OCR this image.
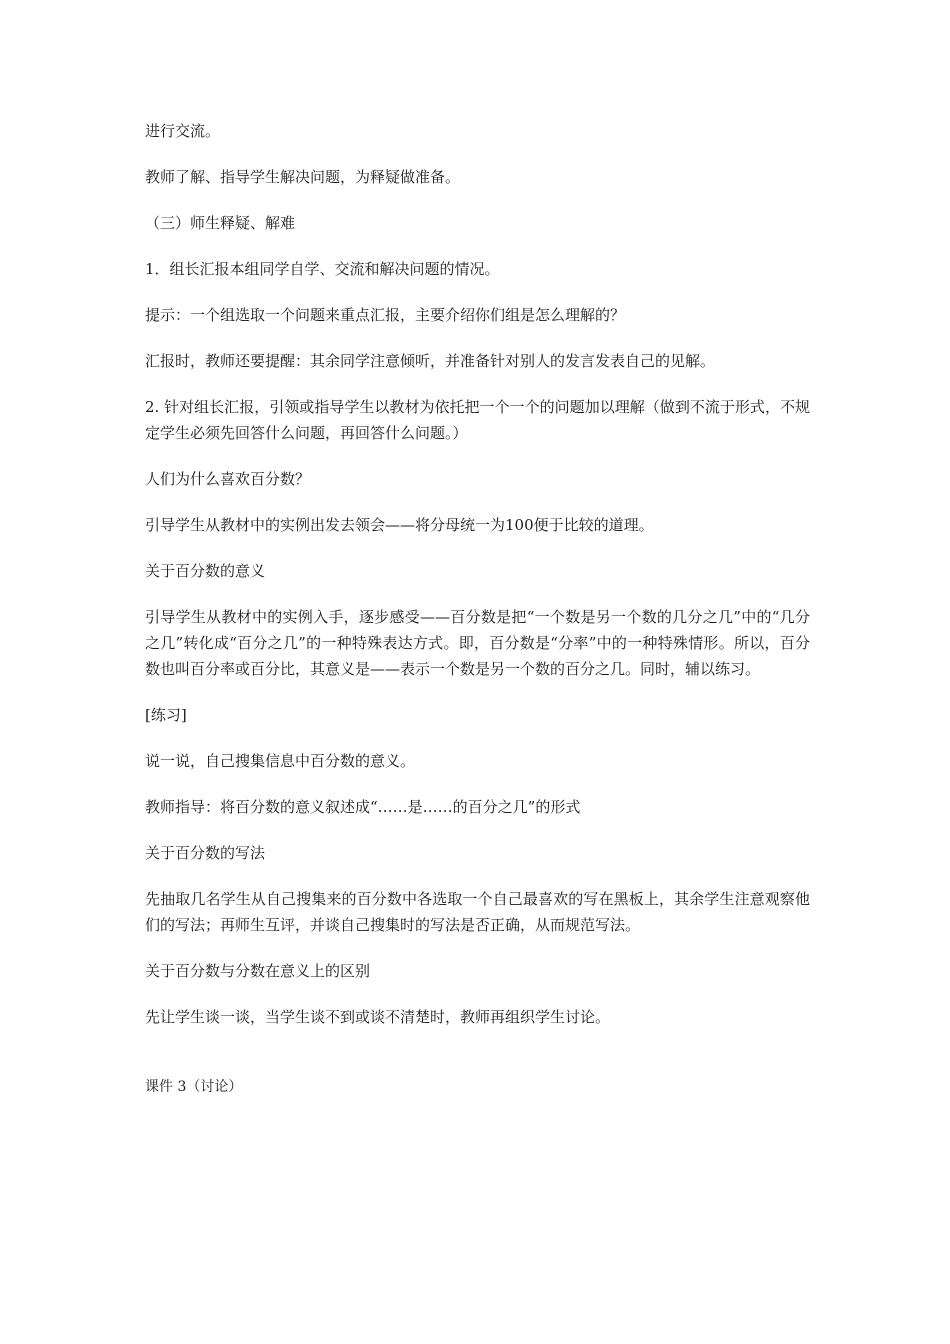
进行交流。

教师了解、指导学生解决问题，为释疑做准备。

（三）师生释疑、解难

1．组长汇报本组同学自学、交流和解决问题的情况。

提示：一个组选取一个问题来重点汇报，主要介绍你们组是怎么理解的？

汇报时，教师还要提醒：其余同学注意倾听，并准备针对别人的发言发表自己的见解。

2. 针对组长汇报，引领或指导学生以教材为依托把一个一个的问题加以理解（做到不流于形式，不规定学生必须先回答什么问题，再回答什么问题。）

人们为什么喜欢百分数？

引导学生从教材中的实例出发去领会——将分母统一为100便于比较的道理。

关于百分数的意义

引导学生从教材中的实例入手，逐步感受——百分数是把“一个数是另一个数的几分之几”中的“几分之几”转化成“百分之几”的一种特殊表达方式。即，百分数是“分率”中的一种特殊情形。所以，百分数也叫百分率或百分比，其意义是——表示一个数是另一个数的百分之几。同时，辅以练习。

[练习]

说一说，自己搜集信息中百分数的意义。

教师指导：将百分数的意义叙述成“……是……的百分之几”的形式

关于百分数的写法

先抽取几名学生从自己搜集来的百分数中各选取一个自己最喜欢的写在黑板上，其余学生注意观察他们的写法；再师生互评，并谈自己搜集时的写法是否正确，从而规范写法。

关于百分数与分数在意义上的区别

先让学生谈一谈，当学生谈不到或谈不清楚时，教师再组织学生讨论。

课件 3（讨论）
